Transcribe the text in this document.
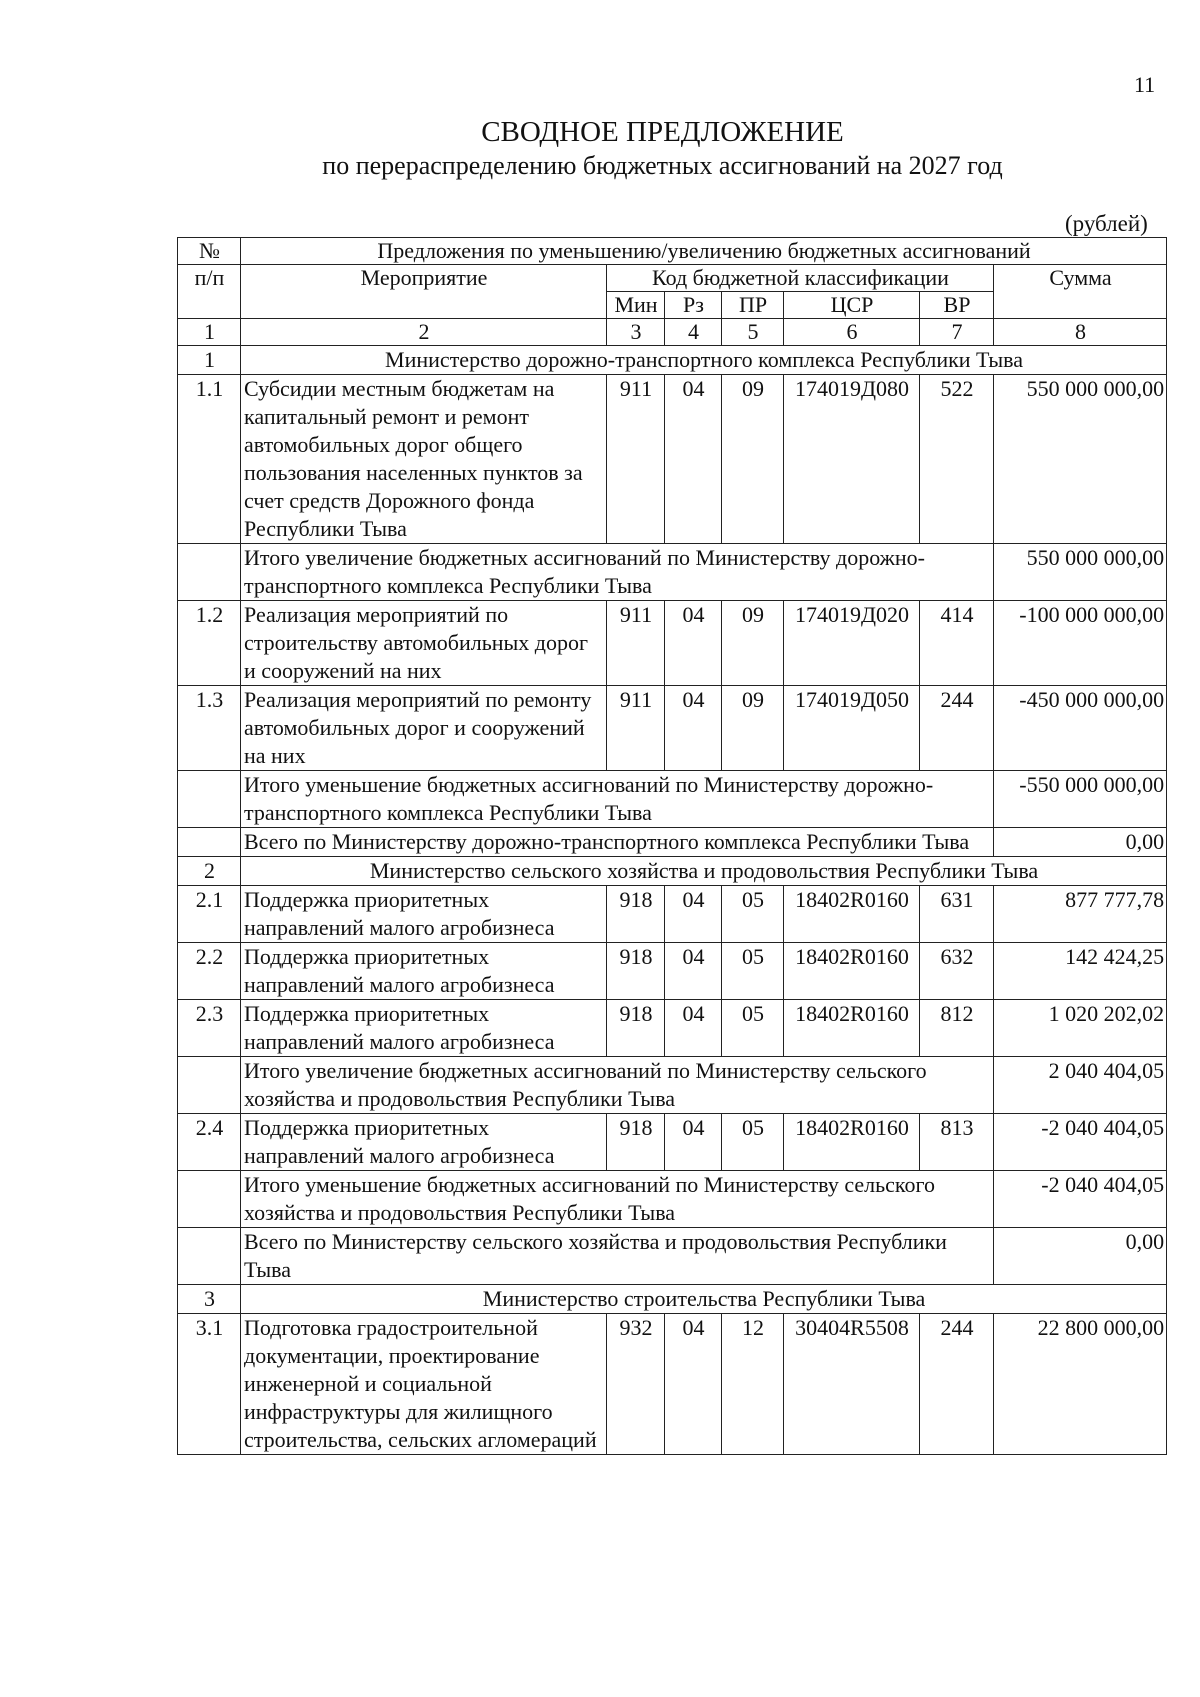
11
СВОДНОЕ ПРЕДЛОЖЕНИЕ
по перераспределению бюджетных ассигнований на 2027 год
(рублей)
№	Предложения по уменьшению/увеличению бюджетных ассигнований						
п/п	Мероприятие	Код бюджетной классификации					Сумма
		Мин	Рз	ПР	ЦСР	ВР	
1	2	3	4	5	6	7	8
1	Министерство дорожно-транспортного комплекса Республики Тыва						
1.1	Субсидии местным бюджетам на капитальный ремонт и ремонт автомобильных дорог общего пользования населенных пунктов за счет средств Дорожного фонда Республики Тыва	911	04	09	174019Д080	522	550 000 000,00
	Итого увеличение бюджетных ассигнований по Министерству дорожно-транспортного комплекса Республики Тыва						550 000 000,00
1.2	Реализация мероприятий по строительству автомобильных дорог и сооружений на них	911	04	09	174019Д020	414	-100 000 000,00
1.3	Реализация мероприятий по ремонту автомобильных дорог и сооружений на них	911	04	09	174019Д050	244	-450 000 000,00
	Итого уменьшение бюджетных ассигнований по Министерству дорожно-транспортного комплекса Республики Тыва						-550 000 000,00
	Всего по Министерству дорожно-транспортного комплекса Республики Тыва						0,00
2	Министерство сельского хозяйства и продовольствия Республики Тыва						
2.1	Поддержка приоритетных направлений малого агробизнеса	918	04	05	18402R0160	631	877 777,78
2.2	Поддержка приоритетных направлений малого агробизнеса	918	04	05	18402R0160	632	142 424,25
2.3	Поддержка приоритетных направлений малого агробизнеса	918	04	05	18402R0160	812	1 020 202,02
	Итого увеличение бюджетных ассигнований по Министерству сельского хозяйства и продовольствия Республики Тыва						2 040 404,05
2.4	Поддержка приоритетных направлений малого агробизнеса	918	04	05	18402R0160	813	-2 040 404,05
	Итого уменьшение бюджетных ассигнований по Министерству сельского хозяйства и продовольствия Республики Тыва						-2 040 404,05
	Всего по Министерству сельского хозяйства и продовольствия Республики Тыва						0,00
3	Министерство строительства Республики Тыва						
3.1	Подготовка градостроительной документации, проектирование инженерной и социальной инфраструктуры для жилищного строительства, сельских агломераций	932	04	12	30404R5508	244	22 800 000,00
